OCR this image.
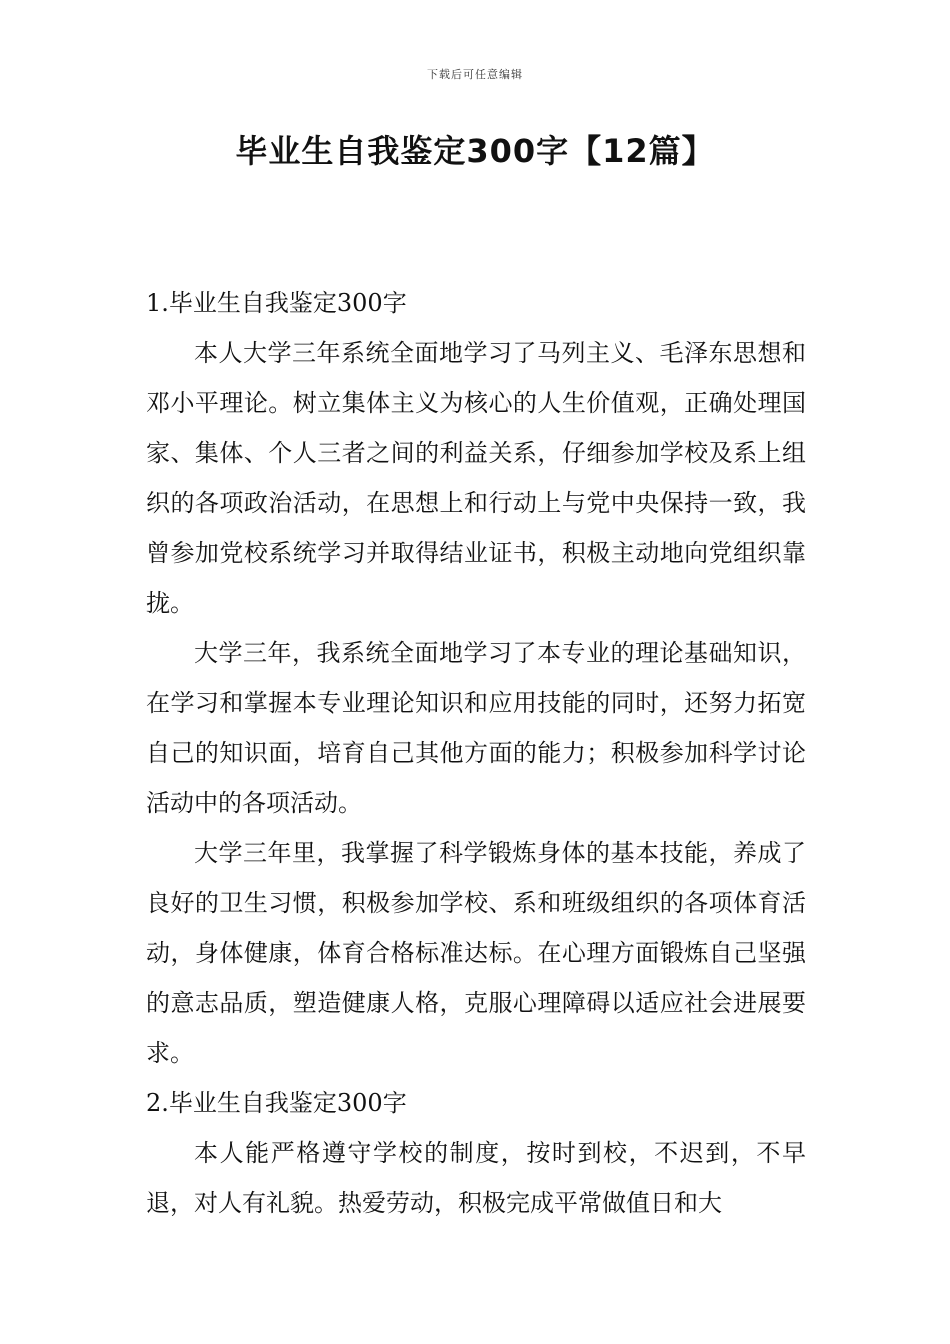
下载后可任意编辑
毕业生自我鉴定300字【12篇】
1.毕业生自我鉴定300字

本人大学三年系统全面地学习了马列主义、毛泽东思想和邓小平理论。树立集体主义为核心的人生价值观，正确处理国家、集体、个人三者之间的利益关系，仔细参加学校及系上组织的各项政治活动，在思想上和行动上与党中央保持一致，我曾参加党校系统学习并取得结业证书，积极主动地向党组织靠拢。

大学三年，我系统全面地学习了本专业的理论基础知识，在学习和掌握本专业理论知识和应用技能的同时，还努力拓宽自己的知识面，培育自己其他方面的能力；积极参加科学讨论活动中的各项活动。

大学三年里，我掌握了科学锻炼身体的基本技能，养成了良好的卫生习惯，积极参加学校、系和班级组织的各项体育活动，身体健康，体育合格标准达标。在心理方面锻炼自己坚强的意志品质，塑造健康人格，克服心理障碍以适应社会进展要求。

2.毕业生自我鉴定300字

本人能严格遵守学校的制度，按时到校，不迟到，不早退，对人有礼貌。热爱劳动，积极完成平常做值日和大
